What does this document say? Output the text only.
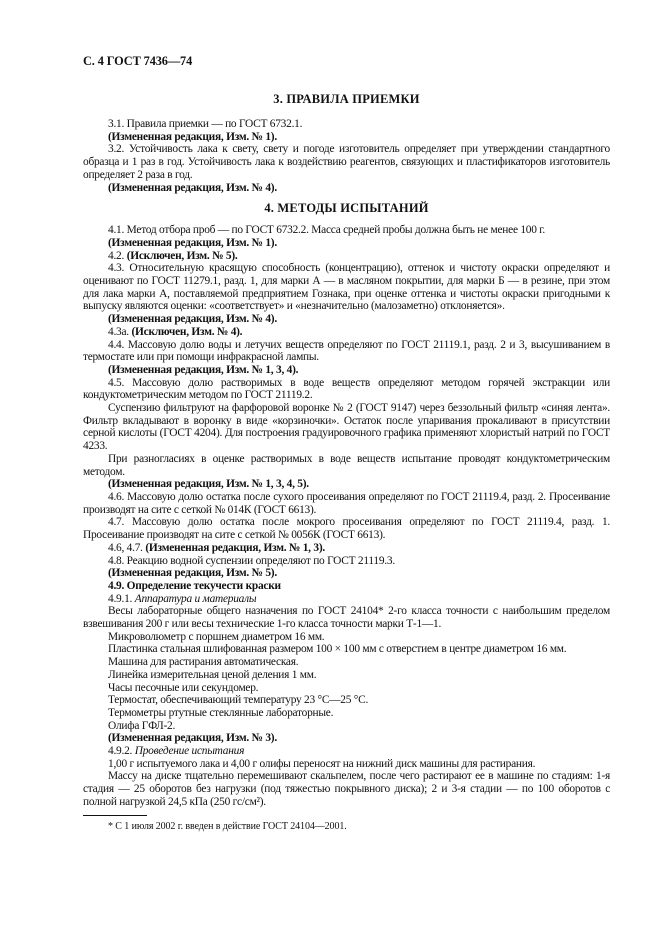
С. 4 ГОСТ 7436—74
3. ПРАВИЛА ПРИЕМКИ

3.1. Правила приемки — по ГОСТ 6732.1.

(Измененная редакция, Изм. № 1).

3.2. Устойчивость лака к свету, свету и погоде изготовитель определяет при утверждении стандартного образца и 1 раз в год. Устойчивость лака к воздействию реагентов, связующих и пластификаторов изготовитель определяет 2 раза в год.

(Измененная редакция, Изм. № 4).

4. МЕТОДЫ ИСПЫТАНИЙ

4.1. Метод отбора проб — по ГОСТ 6732.2. Масса средней пробы должна быть не менее 100 г.

(Измененная редакция, Изм. № 1).

4.2. (Исключен, Изм. № 5).

4.3. Относительную красящую способность (концентрацию), оттенок и чистоту окраски определяют и оценивают по ГОСТ 11279.1, разд. 1, для марки А — в масляном покрытии, для марки Б — в резине, при этом для лака марки А, поставляемой предприятием Гознака, при оценке оттенка и чистоты окраски пригодными к выпуску являются оценки: «соответствует» и «незначительно (малозаметно) отклоняется».

(Измененная редакция, Изм. № 4).

4.3а. (Исключен, Изм. № 4).

4.4. Массовую долю воды и летучих веществ определяют по ГОСТ 21119.1, разд. 2 и 3, высушиванием в термостате или при помощи инфракрасной лампы.

(Измененная редакция, Изм. № 1, 3, 4).

4.5. Массовую долю растворимых в воде веществ определяют методом горячей экстракции или кондуктометрическим методом по ГОСТ 21119.2.

Суспензию фильтруют на фарфоровой воронке № 2 (ГОСТ 9147) через беззольный фильтр «синяя лента». Фильтр вкладывают в воронку в виде «корзиночки». Остаток после упаривания прокаливают в присутствии серной кислоты (ГОСТ 4204). Для построения градуировочного графика применяют хлористый натрий по ГОСТ 4233.

При разногласиях в оценке растворимых в воде веществ испытание проводят кондуктометрическим методом.

(Измененная редакция, Изм. № 1, 3, 4, 5).

4.6. Массовую долю остатка после сухого просеивания определяют по ГОСТ 21119.4, разд. 2. Просеивание производят на сите с сеткой № 014К (ГОСТ 6613).

4.7. Массовую долю остатка после мокрого просеивания определяют по ГОСТ 21119.4, разд. 1. Просеивание производят на сите с сеткой № 0056К (ГОСТ 6613).

4.6, 4.7. (Измененная редакция, Изм. № 1, 3).

4.8. Реакцию водной суспензии определяют по ГОСТ 21119.3.

(Измененная редакция, Изм. № 5).

4.9. Определение текучести краски

4.9.1. Аппаратура и материалы

Весы лабораторные общего назначения по ГОСТ 24104* 2-го класса точности с наибольшим пределом взвешивания 200 г или весы технические 1-го класса точности марки Т-1—1.

Микроволюметр с поршнем диаметром 16 мм.

Пластинка стальная шлифованная размером 100 × 100 мм с отверстием в центре диаметром 16 мм.

Машина для растирания автоматическая.

Линейка измерительная ценой деления 1 мм.

Часы песочные или секундомер.

Термостат, обеспечивающий температуру 23 °С—25 °С.

Термометры ртутные стеклянные лабораторные.

Олифа ГФЛ-2.

(Измененная редакция, Изм. № 3).

4.9.2. Проведение испытания

1,00 г испытуемого лака и 4,00 г олифы переносят на нижний диск машины для растирания.

Массу на диске тщательно перемешивают скальпелем, после чего растирают ее в машине по стадиям: 1-я стадия — 25 оборотов без нагрузки (под тяжестью покрывного диска); 2 и 3-я стадии — по 100 оборотов с полной нагрузкой 24,5 кПа (250 гс/см²).

* С 1 июля 2002 г. введен в действие ГОСТ 24104—2001.
